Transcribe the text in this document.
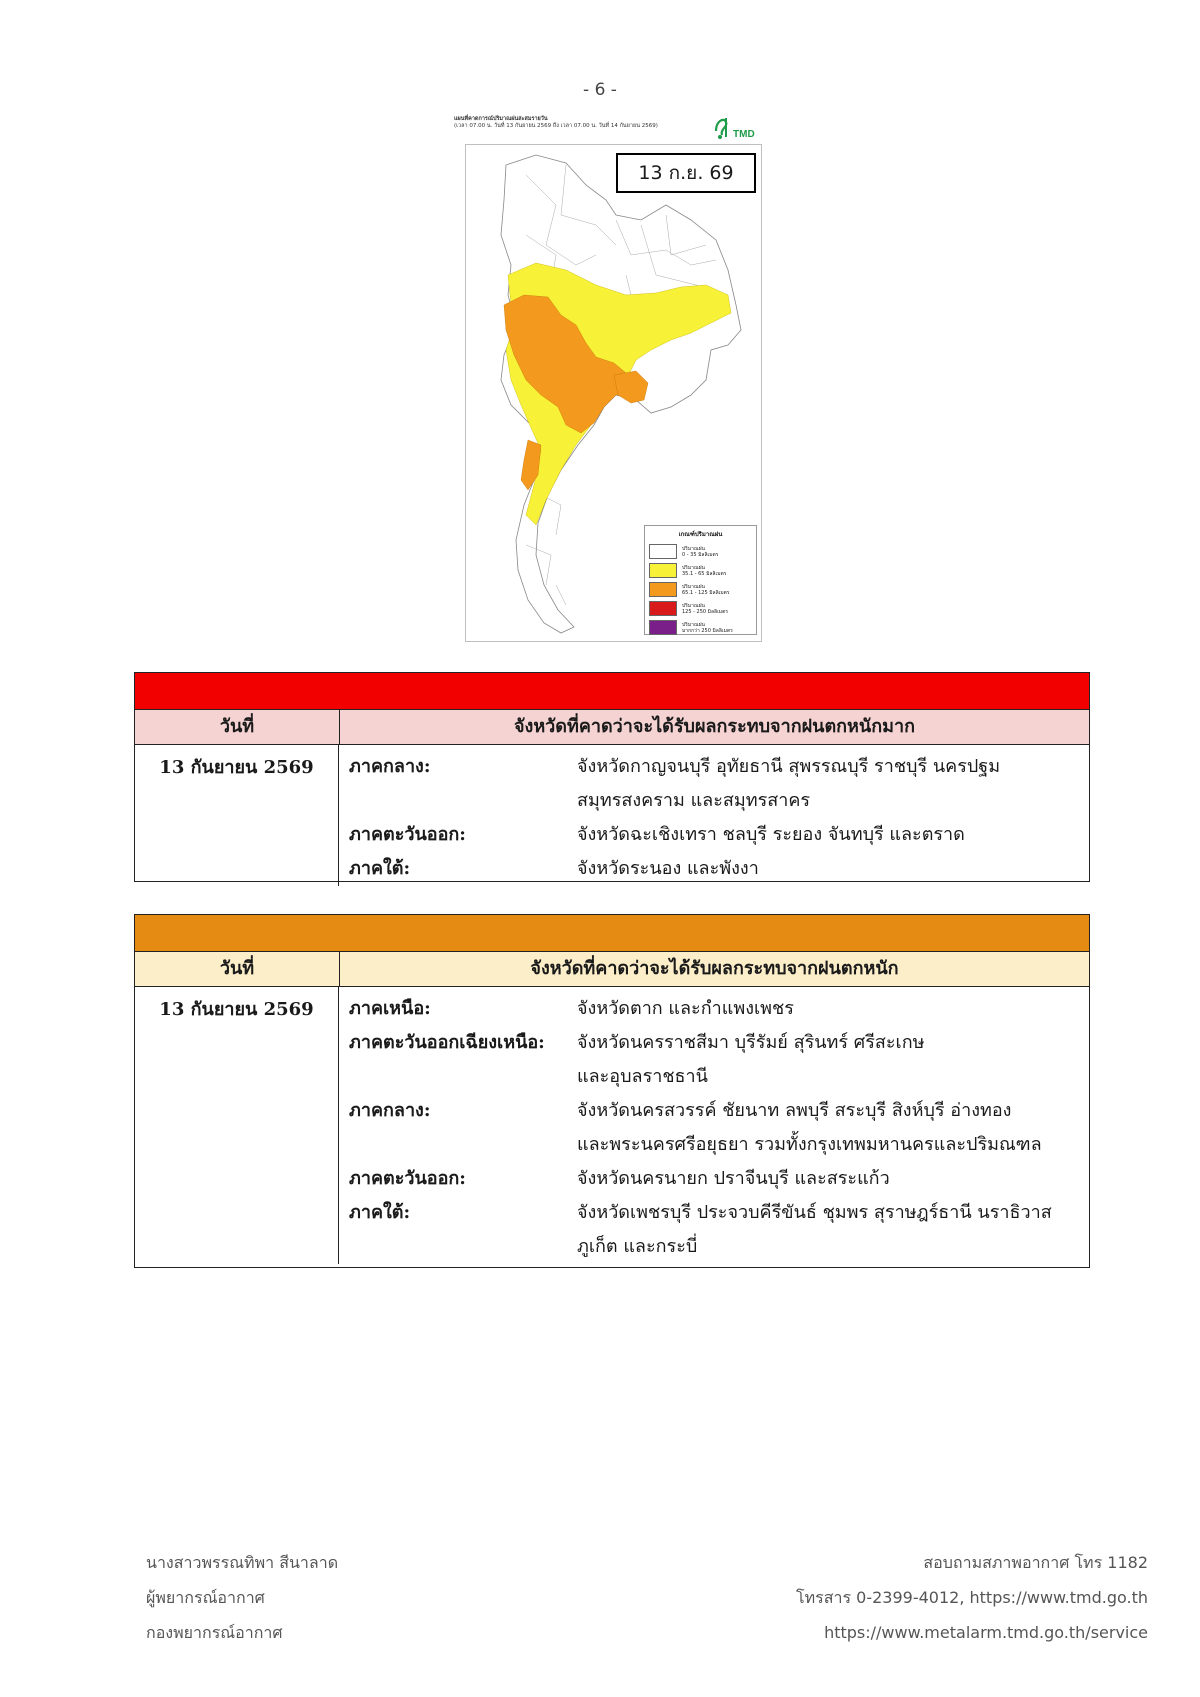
- 6 -
แผนที่คาดการณ์ปริมาณฝนสะสมรายวัน
(เวลา 07.00 น. วันที่ 13 กันยายน 2569 ถึง เวลา 07.00 น. วันที่ 14 กันยายน 2569)
TMD
13 ก.ย. 69
เกณฑ์ปริมาณฝน
ปริมาณฝน
0 - 35 มิลลิเมตร
ปริมาณฝน
35.1 - 65 มิลลิเมตร
ปริมาณฝน
65.1 - 125 มิลลิเมตร
ปริมาณฝน
125 - 250 มิลลิเมตร
ปริมาณฝน
มากกว่า 250 มิลลิเมตร
วันที่	จังหวัดที่คาดว่าจะได้รับผลกระทบจากฝนตกหนักมาก
13 กันยายน 2569	ภาคกลาง:	จังหวัดกาญจนบุรี อุทัยธานี สุพรรณบุรี ราชบุรี นครปฐม
สมุทรสงคราม และสมุทรสาคร
ภาคตะวันออก:	จังหวัดฉะเชิงเทรา ชลบุรี ระยอง จันทบุรี และตราด
ภาคใต้:	จังหวัดระนอง และพังงา
วันที่	จังหวัดที่คาดว่าจะได้รับผลกระทบจากฝนตกหนัก
13 กันยายน 2569	ภาคเหนือ:	จังหวัดตาก และกำแพงเพชร
ภาคตะวันออกเฉียงเหนือ:	จังหวัดนครราชสีมา บุรีรัมย์ สุรินทร์ ศรีสะเกษ
และอุบลราชธานี
ภาคกลาง:	จังหวัดนครสวรรค์ ชัยนาท ลพบุรี สระบุรี สิงห์บุรี อ่างทอง
และพระนครศรีอยุธยา รวมทั้งกรุงเทพมหานครและปริมณฑล
ภาคตะวันออก:	จังหวัดนครนายก ปราจีนบุรี และสระแก้ว
ภาคใต้:	จังหวัดเพชรบุรี ประจวบคีรีขันธ์ ชุมพร สุราษฎร์ธานี นราธิวาส
ภูเก็ต และกระบี่
นางสาวพรรณทิพา สีนาลาด
ผู้พยากรณ์อากาศ
กองพยากรณ์อากาศ
สอบถามสภาพอากาศ โทร 1182
โทรสาร 0-2399-4012, https://www.tmd.go.th
https://www.metalarm.tmd.go.th/service
